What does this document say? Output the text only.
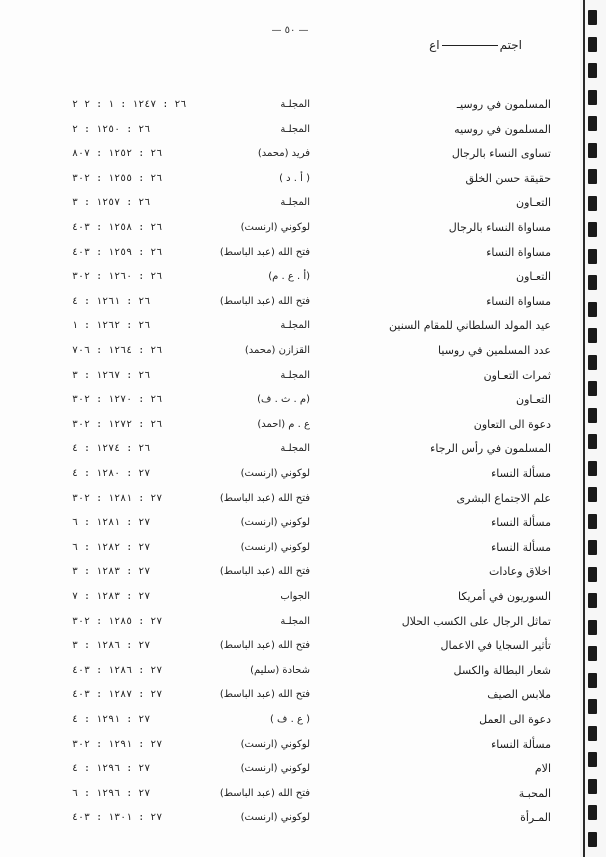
— ٥٠ —
اجتماع
٢٦ : ١٢٤٧ : ١ : ٢ ٢	المجلـة	المسلمون في روسيـ
٢٦ : ١٢٥٠ : ٢	المجلـة	المسلمون في روسيه
٢٦ : ١٢٥٢ : ٨٠٧	فريد (محمد)	تساوى النساء بالرجال
٢٦ : ١٢٥٥ : ٣٠٢	( أ . د )	حقيقة حسن الخلق
٢٦ : ١٢٥٧ : ٣	المجلـة	التعـاون
٢٦ : ١٢٥٨ : ٤٠٣	لوكوني (ارنست)	مساواة النساء بالرجال
٢٦ : ١٢٥٩ : ٤٠٣	فتح الله (عبد الباسط)	مساواة النساء
٢٦ : ١٢٦٠ : ٣٠٢	(أ . ع . م)	التعـاون
٢٦ : ١٢٦١ : ٤	فتح الله (عبد الباسط)	مساواة النساء
٢٦ : ١٢٦٢ : ١	المجلـة	عيد المولد السلطاني للمقام السنين
٢٦ : ١٢٦٤ : ٧٠٦	القزازن (محمد)	عدد المسلمين في روسيا
٢٦ : ١٢٦٧ : ٣	المجلـة	ثمرات التعـاون
٢٦ : ١٢٧٠ : ٣٠٢	(م . ث . ف)	التعـاون
٢٦ : ١٢٧٢ : ٣٠٢	ع . م (احمد)	دعوة الى التعاون
٢٦ : ١٢٧٤ : ٤	المجلـة	المسلمون في رأس الرجاء
٢٧ : ١٢٨٠ : ٤	لوكوني (ارنست)	مسألة النساء
٢٧ : ١٢٨١ : ٣٠٢	فتح الله (عبد الباسط)	علم الاجتماع البشرى
٢٧ : ١٢٨١ : ٦	لوكوني (ارنست)	مسألة النساء
٢٧ : ١٢٨٢ : ٦	لوكوني (ارنست)	مسألة النساء
٢٧ : ١٢٨٣ : ٣	فتح الله (عبد الباسط)	اخلاق وعادات
٢٧ : ١٢٨٣ : ٧	الجواب	السوريون في أمريكا
٢٧ : ١٢٨٥ : ٣٠٢	المجلـة	تماثل الرجال على الكسب الحلال
٢٧ : ١٢٨٦ : ٣	فتح الله (عبد الباسط)	تأثير السجايا في الاعمال
٢٧ : ١٢٨٦ : ٤٠٣	شحادة (سليم)	شعار البطالة والكسل
٢٧ : ١٢٨٧ : ٤٠٣	فتح الله (عبد الباسط)	ملابس الصيف
٢٧ : ١٢٩١ : ٤	( ع . ف )	دعوة الى العمل
٢٧ : ١٢٩١ : ٣٠٢	لوكوني (ارنست)	مسألة النساء
٢٧ : ١٢٩٦ : ٤	لوكوني (ارنست)	الام
٢٧ : ١٢٩٦ : ٦	فتح الله (عبد الباسط)	المحبـة
٢٧ : ١٣٠١ : ٤٠٣	لوكوني (ارنست)	المـرأة
